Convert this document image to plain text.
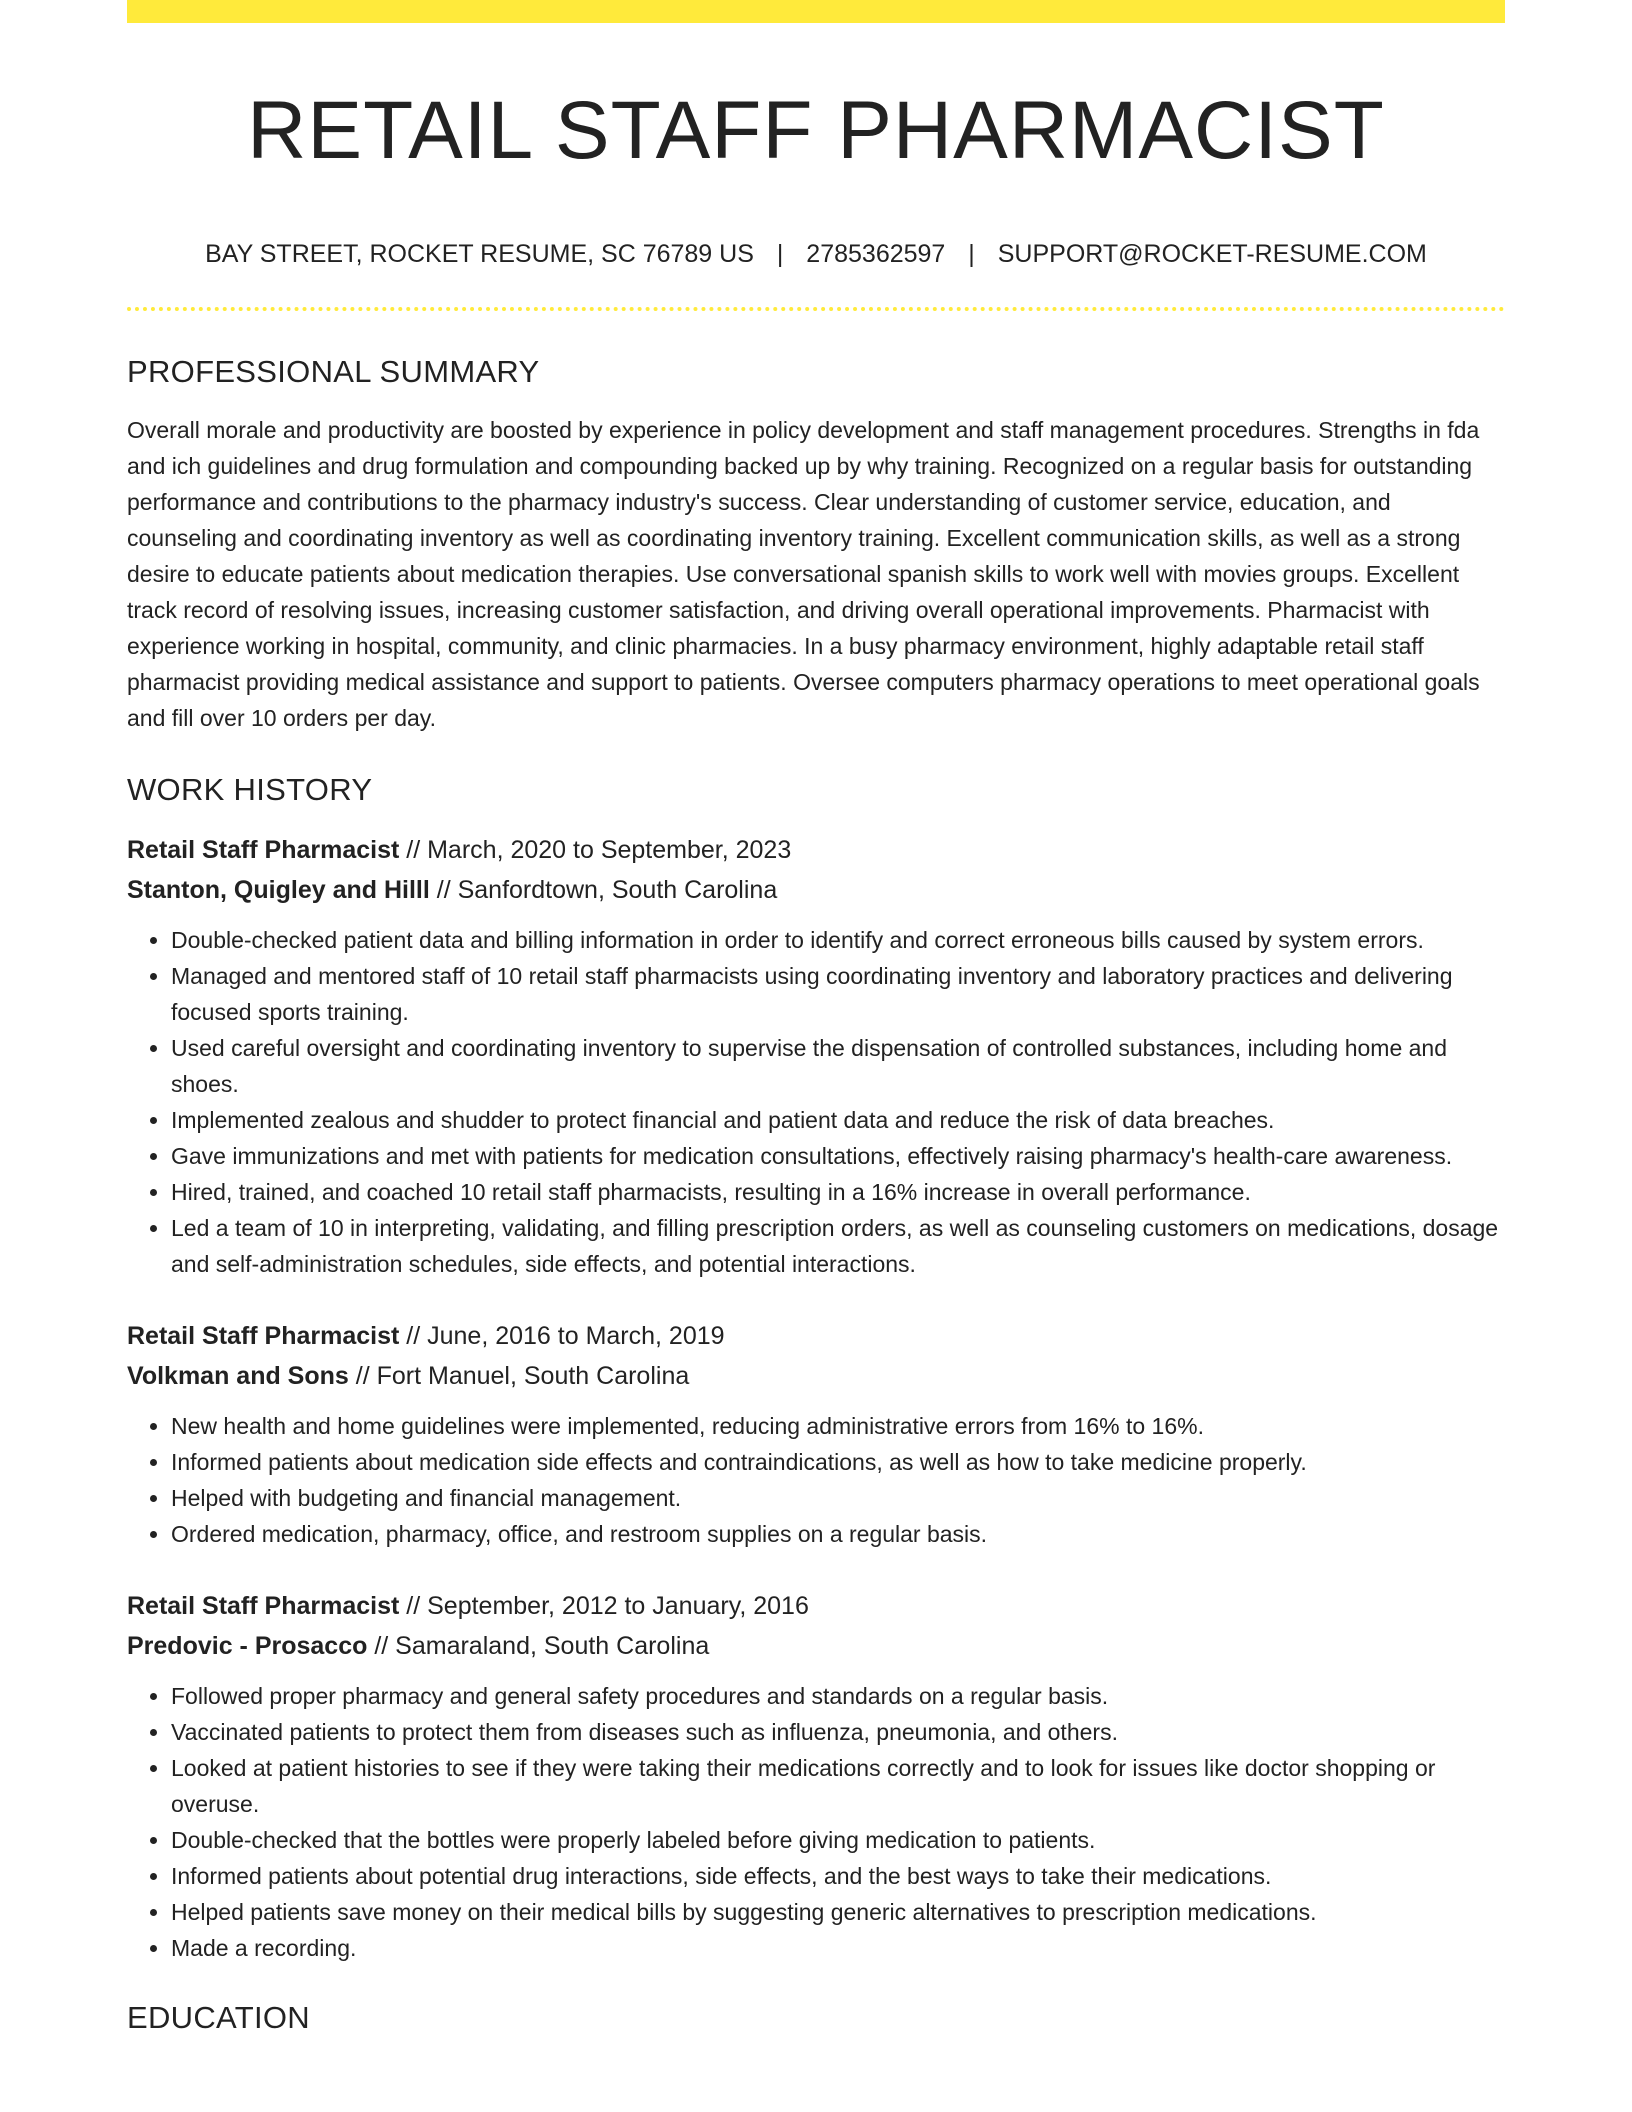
RETAIL STAFF PHARMACIST
BAY STREET, ROCKET RESUME, SC 76789 US | 2785362597 | SUPPORT@ROCKET-RESUME.COM
PROFESSIONAL SUMMARY

Overall morale and productivity are boosted by experience in policy development and staff management procedures. Strengths in fda and ich guidelines and drug formulation and compounding backed up by why training. Recognized on a regular basis for outstanding performance and contributions to the pharmacy industry's success. Clear understanding of customer service, education, and counseling and coordinating inventory as well as coordinating inventory training. Excellent communication skills, as well as a strong desire to educate patients about medication therapies. Use conversational spanish skills to work well with movies groups. Excellent track record of resolving issues, increasing customer satisfaction, and driving overall operational improvements. Pharmacist with experience working in hospital, community, and clinic pharmacies. In a busy pharmacy environment, highly adaptable retail staff pharmacist providing medical assistance and support to patients. Oversee computers pharmacy operations to meet operational goals and fill over 10 orders per day.

WORK HISTORY
Retail Staff Pharmacist // March, 2020 to September, 2023
Stanton, Quigley and Hilll // Sanfordtown, South Carolina
• Double-checked patient data and billing information in order to identify and correct erroneous bills caused by system errors.
• Managed and mentored staff of 10 retail staff pharmacists using coordinating inventory and laboratory practices and delivering focused sports training.
• Used careful oversight and coordinating inventory to supervise the dispensation of controlled substances, including home and shoes.
• Implemented zealous and shudder to protect financial and patient data and reduce the risk of data breaches.
• Gave immunizations and met with patients for medication consultations, effectively raising pharmacy's health-care awareness.
• Hired, trained, and coached 10 retail staff pharmacists, resulting in a 16% increase in overall performance.
• Led a team of 10 in interpreting, validating, and filling prescription orders, as well as counseling customers on medications, dosage and self-administration schedules, side effects, and potential interactions.
Retail Staff Pharmacist // June, 2016 to March, 2019
Volkman and Sons // Fort Manuel, South Carolina
• New health and home guidelines were implemented, reducing administrative errors from 16% to 16%.
• Informed patients about medication side effects and contraindications, as well as how to take medicine properly.
• Helped with budgeting and financial management.
• Ordered medication, pharmacy, office, and restroom supplies on a regular basis.
Retail Staff Pharmacist // September, 2012 to January, 2016
Predovic - Prosacco // Samaraland, South Carolina
• Followed proper pharmacy and general safety procedures and standards on a regular basis.
• Vaccinated patients to protect them from diseases such as influenza, pneumonia, and others.
• Looked at patient histories to see if they were taking their medications correctly and to look for issues like doctor shopping or overuse.
• Double-checked that the bottles were properly labeled before giving medication to patients.
• Informed patients about potential drug interactions, side effects, and the best ways to take their medications.
• Helped patients save money on their medical bills by suggesting generic alternatives to prescription medications.
• Made a recording.
EDUCATION
